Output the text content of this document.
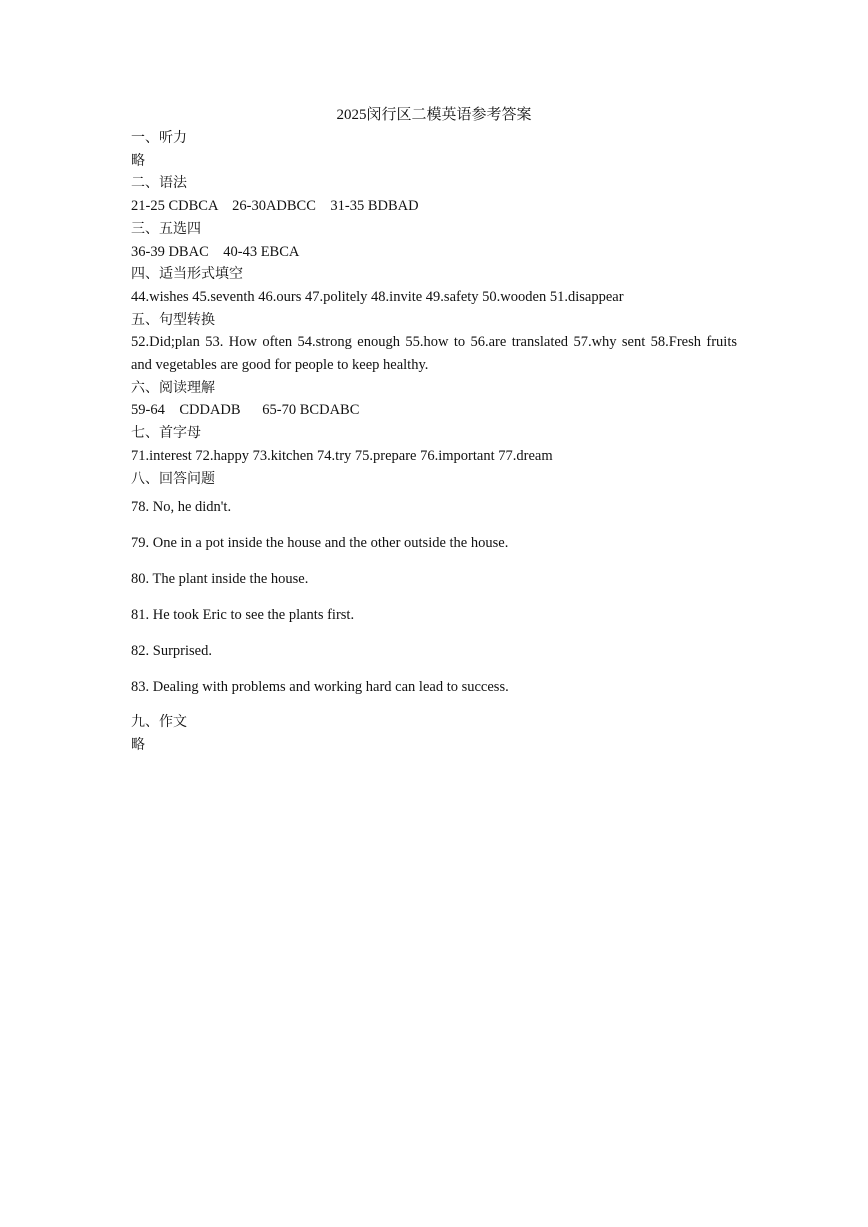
2025闵行区二模英语参考答案

一、听力

略

二、语法

21-25 CDBCA    26-30ADBCC    31-35 BDBAD

三、五选四

36-39 DBAC    40-43 EBCA

四、适当形式填空

44.wishes 45.seventh 46.ours 47.politely 48.invite 49.safety 50.wooden 51.disappear

五、句型转换

52.Did;plan 53. How often 54.strong enough 55.how to 56.are translated 57.why sent 58.Fresh fruits and vegetables are good for people to keep healthy.

六、阅读理解

59-64    CDDADB      65-70 BCDABC

七、首字母

71.interest 72.happy 73.kitchen 74.try 75.prepare 76.important 77.dream

八、回答问题

78. No, he didn't.

79. One in a pot inside the house and the other outside the house.

80. The plant inside the house.

81. He took Eric to see the plants first.

82. Surprised.

83. Dealing with problems and working hard can lead to success.

九、作文

略
